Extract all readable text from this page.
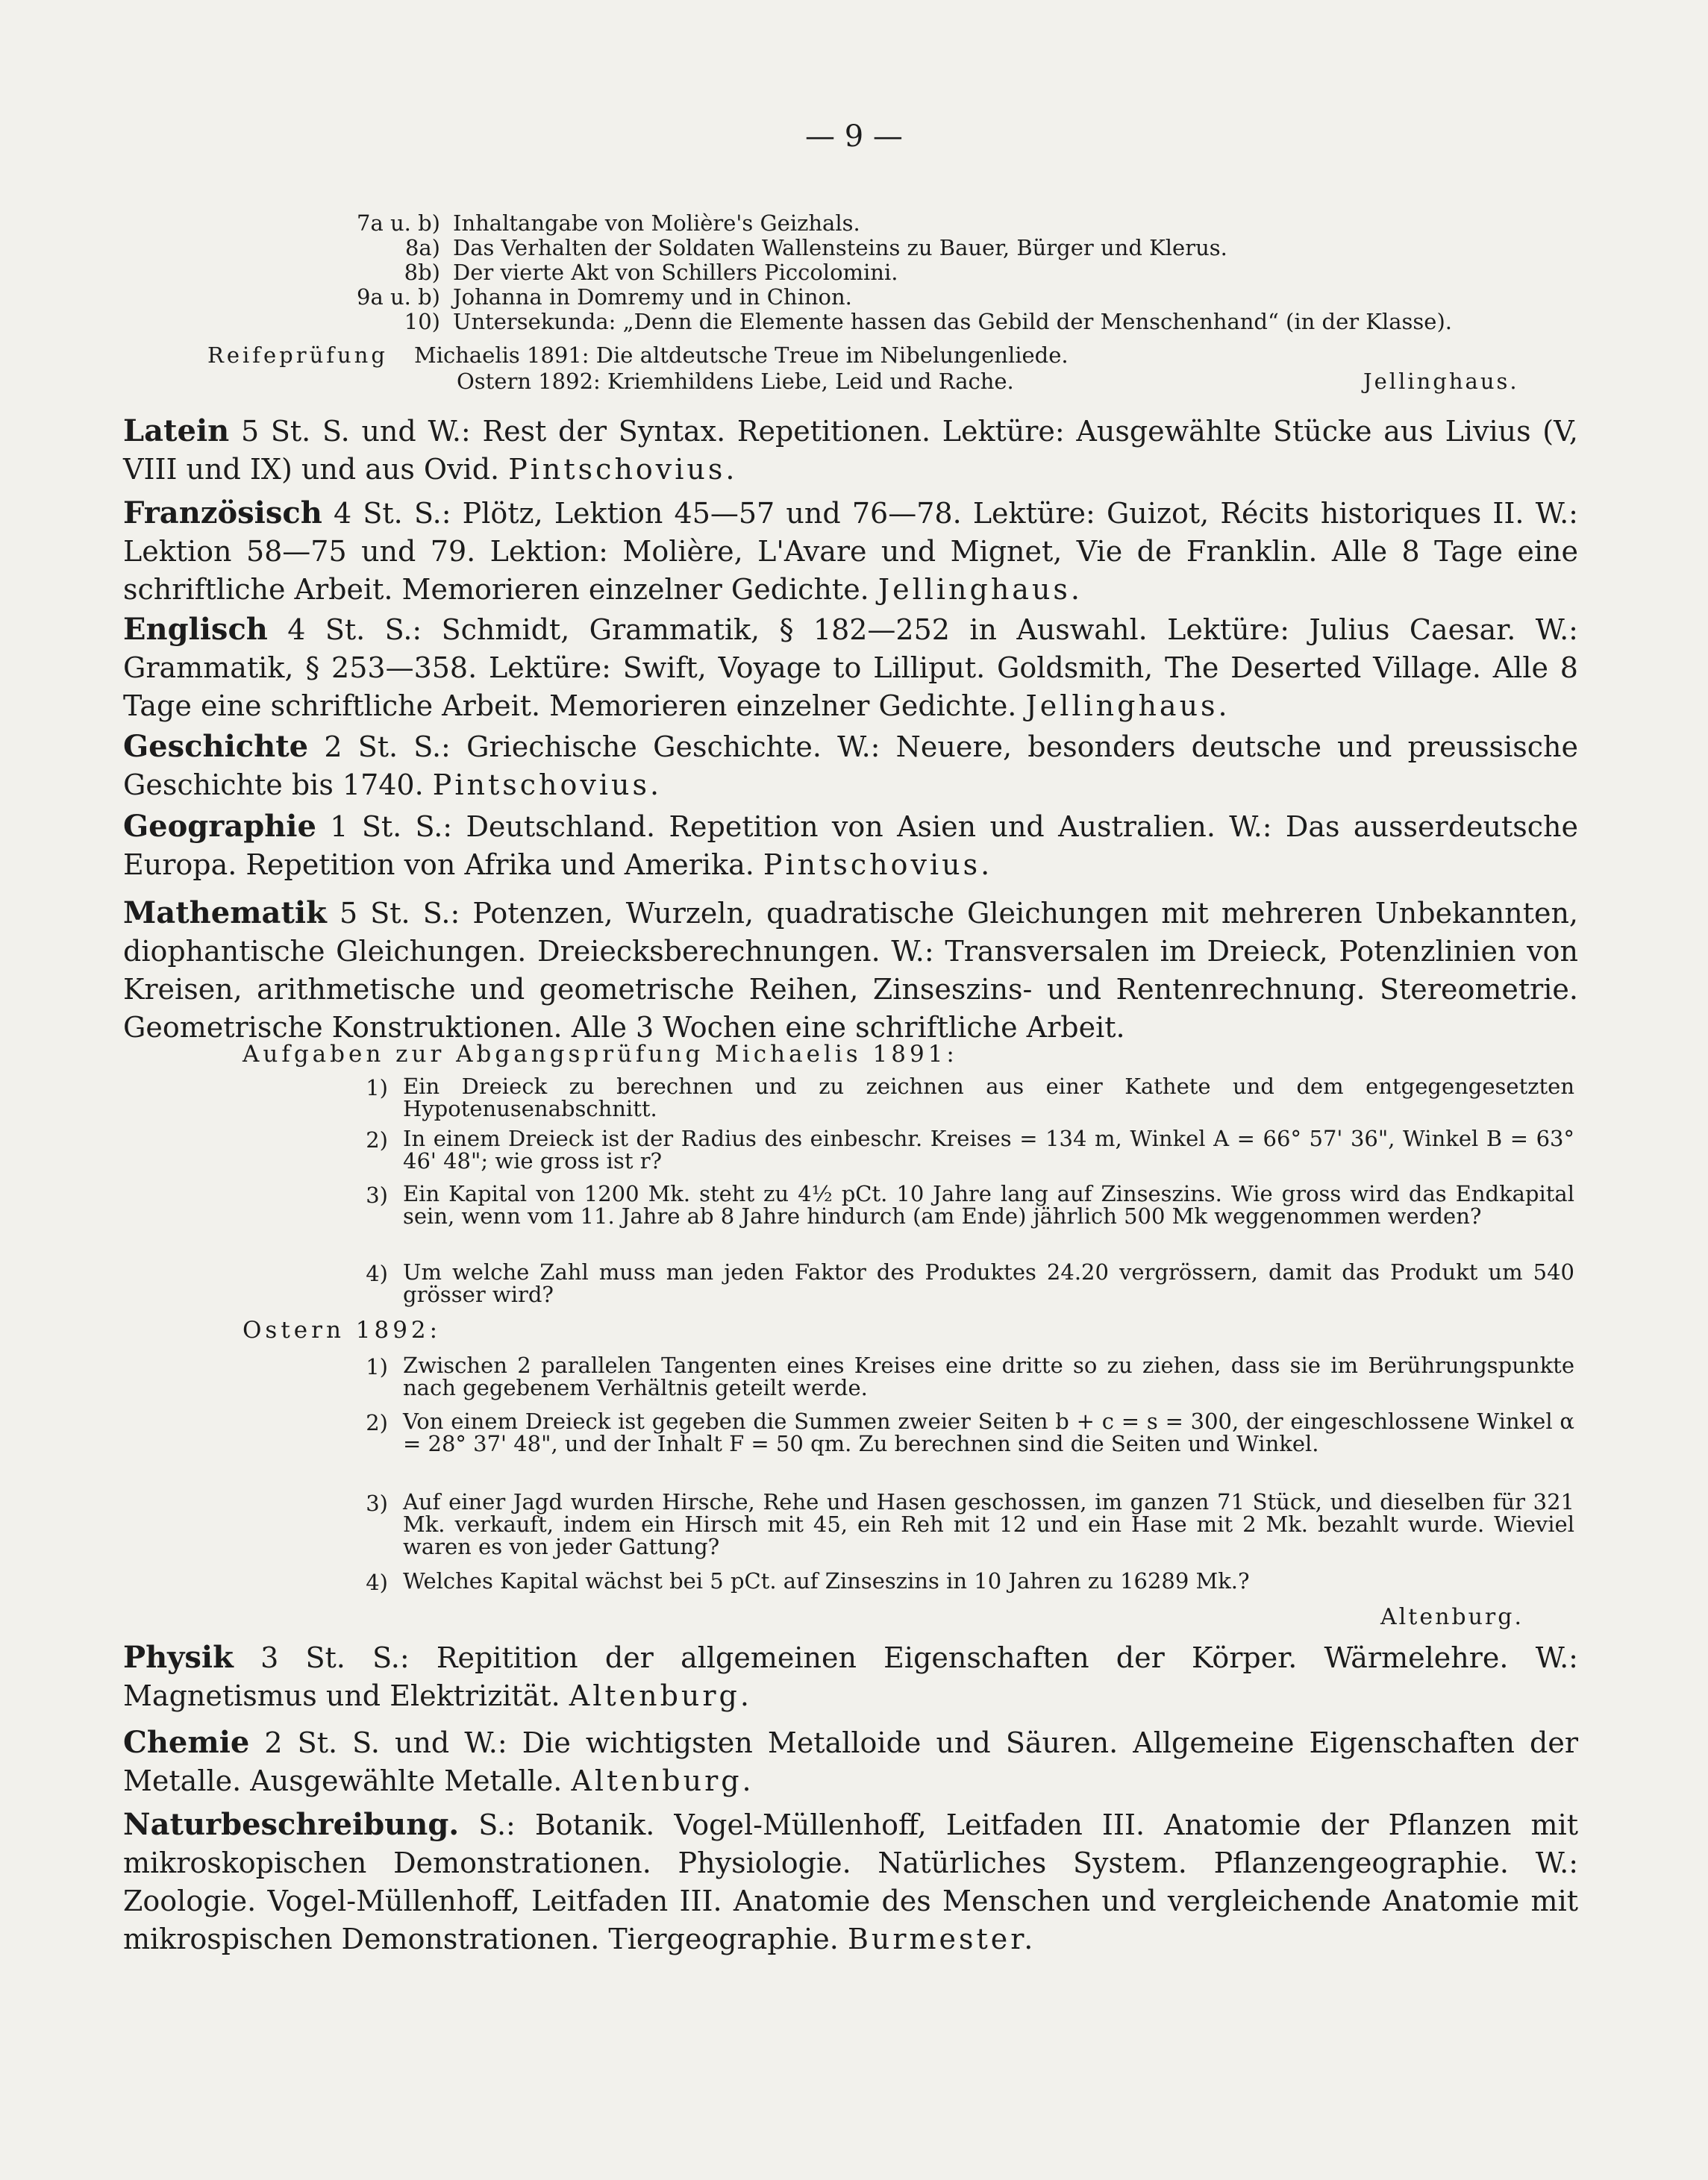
— 9 —
7a u. b) Inhaltangabe von Molière's Geizhals.
8a) Das Verhalten der Soldaten Wallensteins zu Bauer, Bürger und Klerus.
8b) Der vierte Akt von Schillers Piccolomini.
9a u. b) Johanna in Domremy und in Chinon.
10) Untersekunda: „Denn die Elemente hassen das Gebild der Menschenhand“ (in der Klasse).
Reifeprüfung Michaelis 1891: Die altdeutsche Treue im Nibelungenliede.
Ostern 1892: Kriemhildens Liebe, Leid und Rache.	Jellinghaus.
Latein 5 St. S. und W.: Rest der Syntax. Repetitionen. Lektüre: Ausgewählte Stücke aus Livius (V, VIII und IX) und aus Ovid. Pintschovius.
Französisch 4 St. S.: Plötz, Lektion 45—57 und 76—78. Lektüre: Guizot, Récits historiques II. W.: Lektion 58—75 und 79. Lektion: Molière, L'Avare und Mignet, Vie de Franklin. Alle 8 Tage eine schriftliche Arbeit. Memorieren einzelner Gedichte. Jellinghaus.
Englisch 4 St. S.: Schmidt, Grammatik, § 182—252 in Auswahl. Lektüre: Julius Caesar. W.: Grammatik, § 253—358. Lektüre: Swift, Voyage to Lilliput. Goldsmith, The Deserted Village. Alle 8 Tage eine schriftliche Arbeit. Memorieren einzelner Gedichte. Jellinghaus.
Geschichte 2 St. S.: Griechische Geschichte. W.: Neuere, besonders deutsche und preussische Geschichte bis 1740. Pintschovius.
Geographie 1 St. S.: Deutschland. Repetition von Asien und Australien. W.: Das ausserdeutsche Europa. Repetition von Afrika und Amerika. Pintschovius.
Mathematik 5 St. S.: Potenzen, Wurzeln, quadratische Gleichungen mit mehreren Unbekannten, diophantische Gleichungen. Dreiecksberechnungen. W.: Transversalen im Dreieck, Potenzlinien von Kreisen, arithmetische und geometrische Reihen, Zinseszins- und Rentenrechnung. Stereometrie. Geometrische Konstruktionen. Alle 3 Wochen eine schriftliche Arbeit.
Aufgaben zur Abgangsprüfung Michaelis 1891:
1) Ein Dreieck zu berechnen und zu zeichnen aus einer Kathete und dem entgegengesetzten Hypotenusenabschnitt.
2) In einem Dreieck ist der Radius des einbeschr. Kreises = 134 m, Winkel A = 66° 57' 36", Winkel B = 63° 46' 48"; wie gross ist r?
3) Ein Kapital von 1200 Mk. steht zu 4½ pCt. 10 Jahre lang auf Zinseszins. Wie gross wird das Endkapital sein, wenn vom 11. Jahre ab 8 Jahre hindurch (am Ende) jährlich 500 Mk weggenommen werden?
4) Um welche Zahl muss man jeden Faktor des Produktes 24.20 vergrössern, damit das Produkt um 540 grösser wird?
Ostern 1892:
1) Zwischen 2 parallelen Tangenten eines Kreises eine dritte so zu ziehen, dass sie im Berührungspunkte nach gegebenem Verhältnis geteilt werde.
2) Von einem Dreieck ist gegeben die Summen zweier Seiten b + c = s = 300, der eingeschlossene Winkel α = 28° 37' 48", und der Inhalt F = 50 qm. Zu berechnen sind die Seiten und Winkel.
3) Auf einer Jagd wurden Hirsche, Rehe und Hasen geschossen, im ganzen 71 Stück, und dieselben für 321 Mk. verkauft, indem ein Hirsch mit 45, ein Reh mit 12 und ein Hase mit 2 Mk. bezahlt wurde. Wieviel waren es von jeder Gattung?
4) Welches Kapital wächst bei 5 pCt. auf Zinseszins in 10 Jahren zu 16289 Mk.?
Altenburg.
Physik 3 St. S.: Repitition der allgemeinen Eigenschaften der Körper. Wärmelehre. W.: Magnetismus und Elektrizität. Altenburg.
Chemie 2 St. S. und W.: Die wichtigsten Metalloide und Säuren. Allgemeine Eigenschaften der Metalle. Ausgewählte Metalle. Altenburg.
Naturbeschreibung. S.: Botanik. Vogel-Müllenhoff, Leitfaden III. Anatomie der Pflanzen mit mikroskopischen Demonstrationen. Physiologie. Natürliches System. Pflanzengeographie. W.: Zoologie. Vogel-Müllenhoff, Leitfaden III. Anatomie des Menschen und vergleichende Anatomie mit mikrospischen Demonstrationen. Tiergeographie. Burmester.
